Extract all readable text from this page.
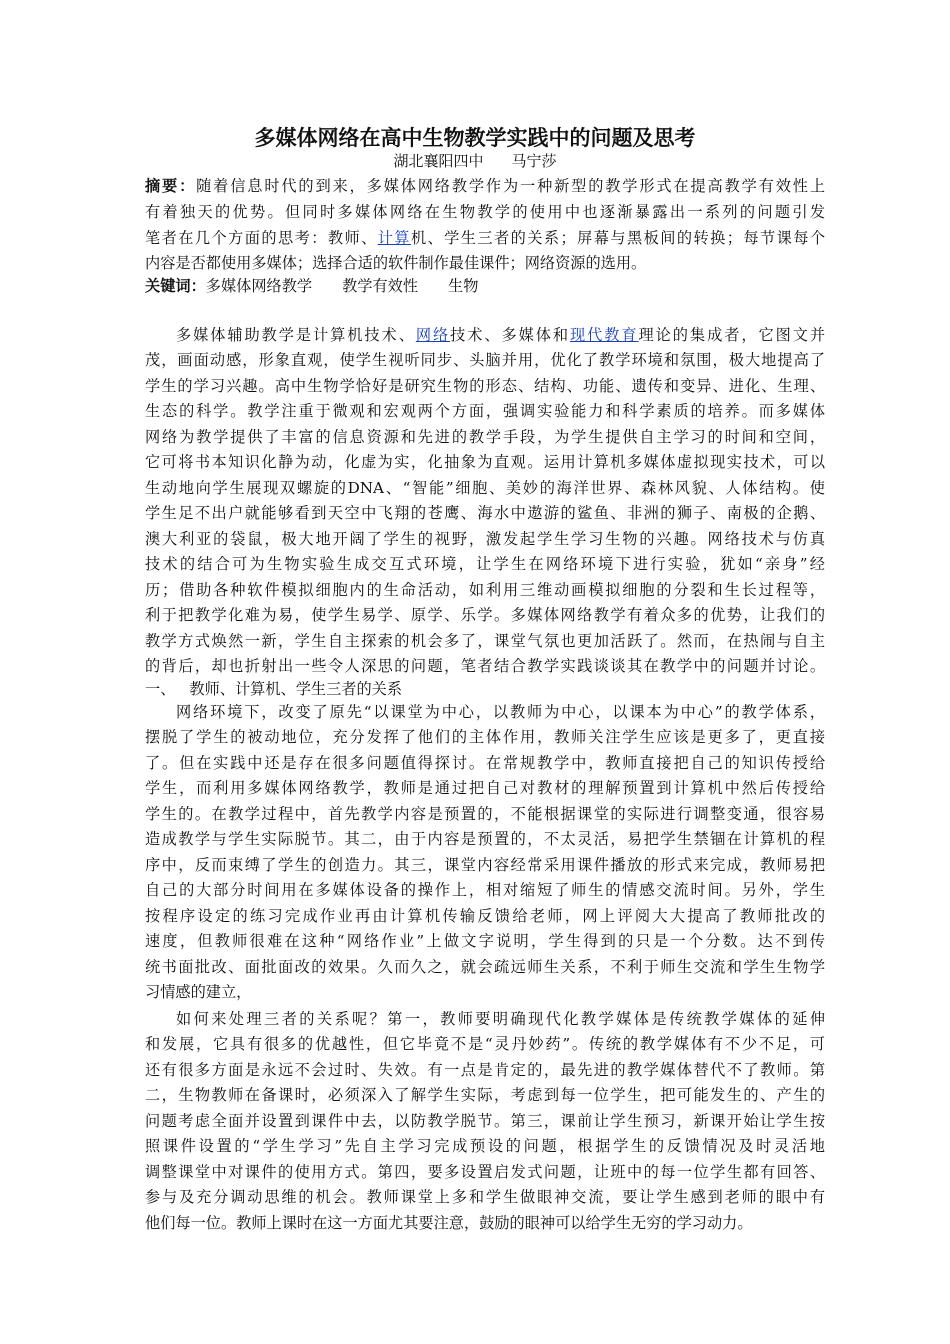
多媒体网络在高中生物教学实践中的问题及思考
湖北襄阳四中 马宁莎
摘要：随着信息时代的到来，多媒体网络教学作为一种新型的教学形式在提高教学有效性上
有着独天的优势。但同时多媒体网络在生物教学的使用中也逐渐暴露出一系列的问题引发
笔者在几个方面的思考：教师、计算机、学生三者的关系；屏幕与黑板间的转换；每节课每个
内容是否都使用多媒体；选择合适的软件制作最佳课件；网络资源的选用。
关键词：多媒体网络教学 教学有效性 生物
多媒体辅助教学是计算机技术、网络技术、多媒体和现代教育理论的集成者，它图文并
茂，画面动感，形象直观，使学生视听同步、头脑并用，优化了教学环境和氛围，极大地提高了
学生的学习兴趣。高中生物学恰好是研究生物的形态、结构、功能、遗传和变异、进化、生理、
生态的科学。教学注重于微观和宏观两个方面，强调实验能力和科学素质的培养。而多媒体
网络为教学提供了丰富的信息资源和先进的教学手段，为学生提供自主学习的时间和空间，
它可将书本知识化静为动，化虚为实，化抽象为直观。运用计算机多媒体虚拟现实技术，可以
生动地向学生展现双螺旋的DNA、“智能”细胞、美妙的海洋世界、森林风貌、人体结构。使
学生足不出户就能够看到天空中飞翔的苍鹰、海水中遨游的鲨鱼、非洲的狮子、南极的企鹅、
澳大利亚的袋鼠，极大地开阔了学生的视野，激发起学生学习生物的兴趣。网络技术与仿真
技术的结合可为生物实验生成交互式环境，让学生在网络环境下进行实验，犹如“亲身”经
历；借助各种软件模拟细胞内的生命活动，如利用三维动画模拟细胞的分裂和生长过程等，
利于把教学化难为易，使学生易学、原学、乐学。多媒体网络教学有着众多的优势，让我们的
教学方式焕然一新，学生自主探索的机会多了，课堂气氛也更加活跃了。然而，在热闹与自主
的背后，却也折射出一些令人深思的问题，笔者结合教学实践谈谈其在教学中的问题并讨论。
一、 教师、计算机、学生三者的关系
网络环境下，改变了原先“以课堂为中心，以教师为中心，以课本为中心”的教学体系，
摆脱了学生的被动地位，充分发挥了他们的主体作用，教师关注学生应该是更多了，更直接
了。但在实践中还是存在很多问题值得探讨。在常规教学中，教师直接把自己的知识传授给
学生，而利用多媒体网络教学，教师是通过把自己对教材的理解预置到计算机中然后传授给
学生的。在教学过程中，首先教学内容是预置的，不能根据课堂的实际进行调整变通，很容易
造成教学与学生实际脱节。其二，由于内容是预置的，不太灵活，易把学生禁锢在计算机的程
序中，反而束缚了学生的创造力。其三，课堂内容经常采用课件播放的形式来完成，教师易把
自己的大部分时间用在多媒体设备的操作上，相对缩短了师生的情感交流时间。另外，学生
按程序设定的练习完成作业再由计算机传输反馈给老师，网上评阅大大提高了教师批改的
速度，但教师很难在这种“网络作业”上做文字说明，学生得到的只是一个分数。达不到传
统书面批改、面批面改的效果。久而久之，就会疏远师生关系，不利于师生交流和学生生物学
习情感的建立，
如何来处理三者的关系呢？第一，教师要明确现代化教学媒体是传统教学媒体的延伸
和发展，它具有很多的优越性，但它毕竟不是“灵丹妙药”。传统的教学媒体有不少不足，可
还有很多方面是永远不会过时、失效。有一点是肯定的，最先进的教学媒体替代不了教师。第
二，生物教师在备课时，必须深入了解学生实际，考虑到每一位学生，把可能发生的、产生的
问题考虑全面并设置到课件中去，以防教学脱节。第三，课前让学生预习，新课开始让学生按
照课件设置的“学生学习”先自主学习完成预设的问题，根据学生的反馈情况及时灵活地
调整课堂中对课件的使用方式。第四，要多设置启发式问题，让班中的每一位学生都有回答、
参与及充分调动思维的机会。教师课堂上多和学生做眼神交流，要让学生感到老师的眼中有
他们每一位。教师上课时在这一方面尤其要注意，鼓励的眼神可以给学生无穷的学习动力。
